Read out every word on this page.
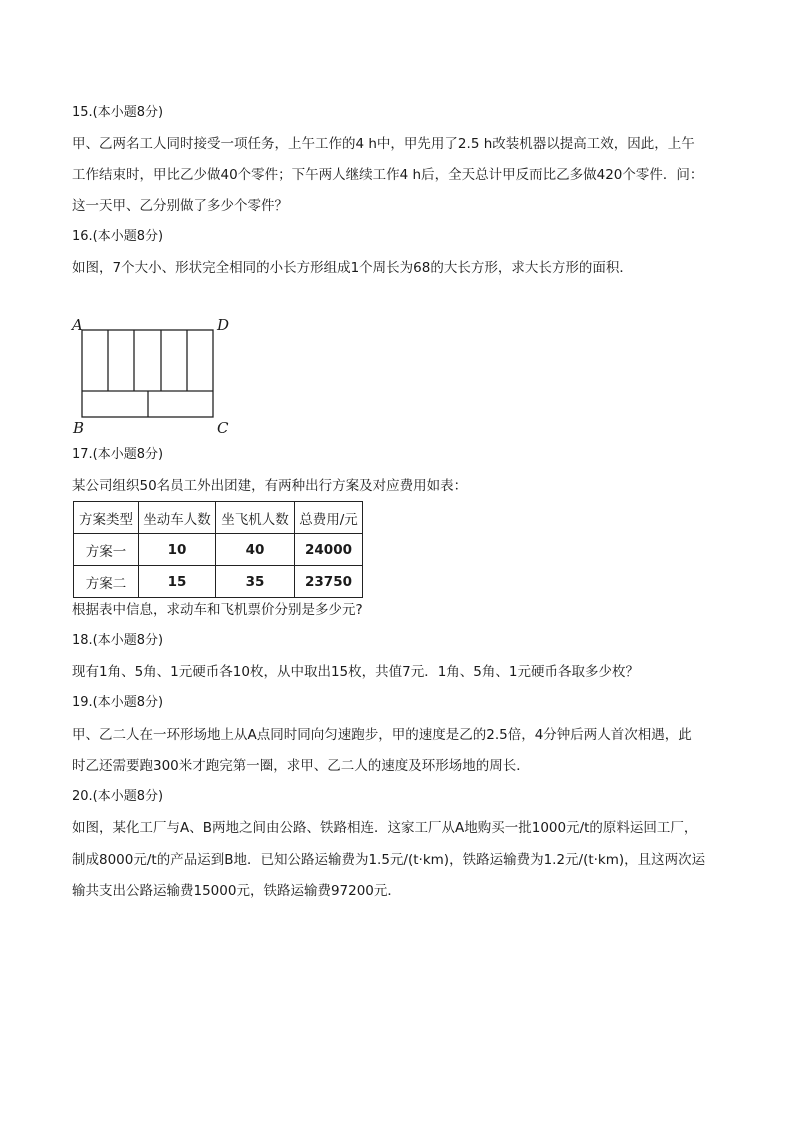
15.(本小题8分)
甲、乙两名工人同时接受一项任务，上午工作的4 h中，甲先用了2.5 h改装机器以提高工效，因此，上午
工作结束时，甲比乙少做40个零件；下午两人继续工作4 h后，全天总计甲反而比乙多做420个零件．问：
这一天甲、乙分别做了多少个零件？
16.(本小题8分)
如图，7个大小、形状完全相同的小长方形组成1个周长为68的大长方形，求大长方形的面积．
A	D
B	C
17.(本小题8分)
某公司组织50名员工外出团建，有两种出行方案及对应费用如表：
方案类型	坐动车人数	坐飞机人数	总费用/元
方案一	10	40	24000
方案二	15	35	23750
根据表中信息，求动车和飞机票价分别是多少元?
18.(本小题8分)
现有1角、5角、1元硬币各10枚，从中取出15枚，共值7元．1角、5角、1元硬币各取多少枚？
19.(本小题8分)
甲、乙二人在一环形场地上从A点同时同向匀速跑步，甲的速度是乙的2.5倍，4分钟后两人首次相遇，此
时乙还需要跑300米才跑完第一圈，求甲、乙二人的速度及环形场地的周长．
20.(本小题8分)
如图，某化工厂与A、B两地之间由公路、铁路相连．这家工厂从A地购买一批1000元/t的原料运回工厂，
制成8000元/t的产品运到B地．已知公路运输费为1.5元/(t·km)，铁路运输费为1.2元/(t·km)，且这两次运
输共支出公路运输费15000元，铁路运输费97200元．
